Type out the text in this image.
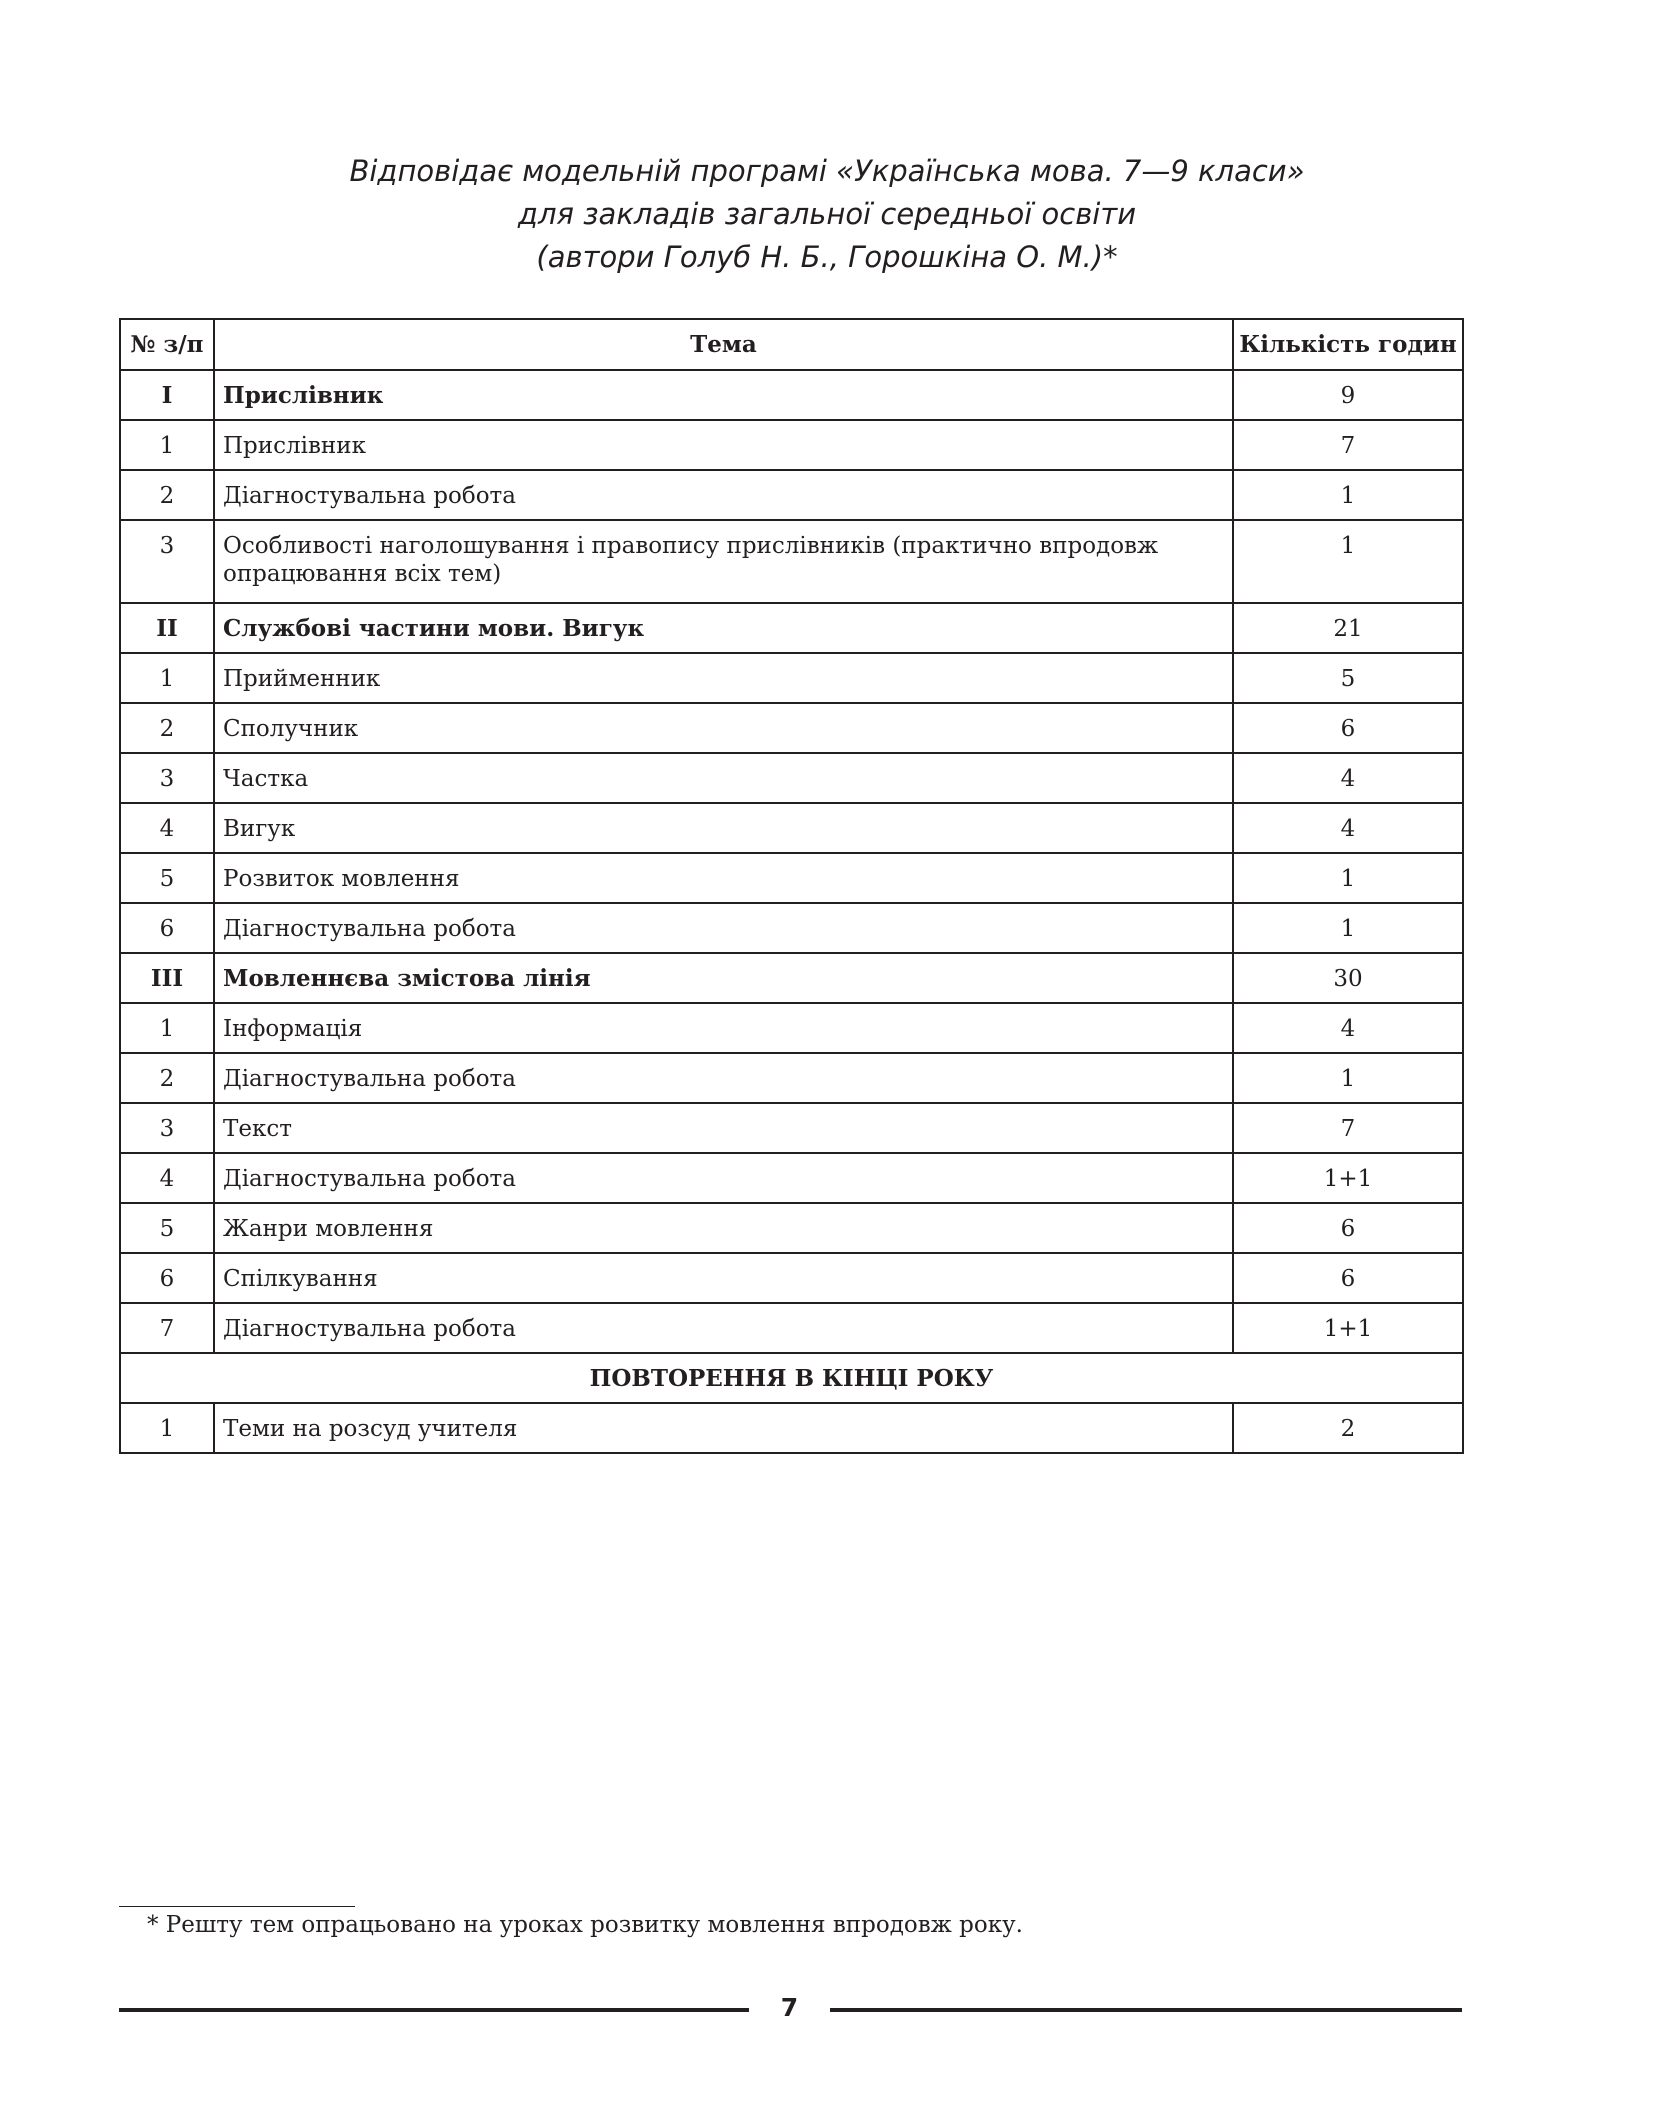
Відповідає модельній програмі «Українська мова. 7—9 класи»
для закладів загальної середньої освіти
(автори Голуб Н. Б., Горошкіна О. М.)*
№ з/п	Тема	Кількість годин
I	Прислівник	9
1	Прислівник	7
2	Діагностувальна робота	1
3	Особливості наголошування і правопису прислівників (практично впродовж опрацювання всіх тем)	1
II	Службові частини мови. Вигук	21
1	Прийменник	5
2	Сполучник	6
3	Частка	4
4	Вигук	4
5	Розвиток мовлення	1
6	Діагностувальна робота	1
III	Мовленнєва змістова лінія	30
1	Інформація	4
2	Діагностувальна робота	1
3	Текст	7
4	Діагностувальна робота	1+1
5	Жанри мовлення	6
6	Спілкування	6
7	Діагностувальна робота	1+1
ПОВТОРЕННЯ В КІНЦІ РОКУ		
1	Теми на розсуд учителя	2
* Решту тем опрацьовано на уроках розвитку мовлення впродовж року.
7
